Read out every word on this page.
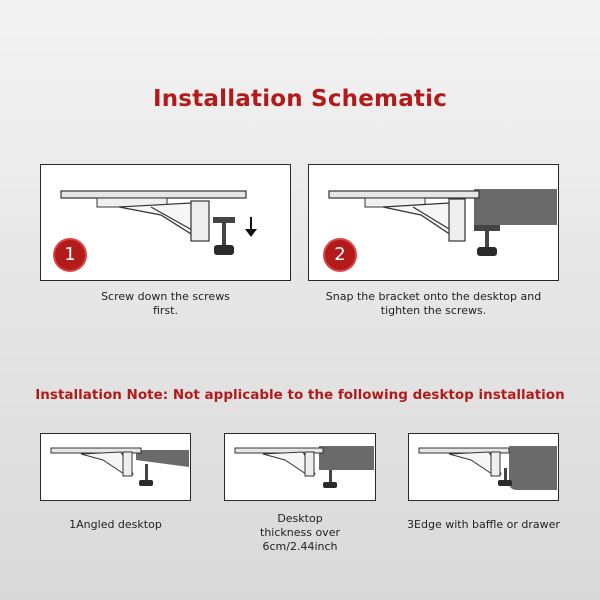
Installation Schematic
1
Screw down the screws
first.
2
Snap the bracket onto the desktop and
tighten the screws.
Installation Note: Not applicable to the following desktop installation
1Angled desktop	Desktop
thickness over
6cm/2.44inch
3Edge with baffle or drawer
